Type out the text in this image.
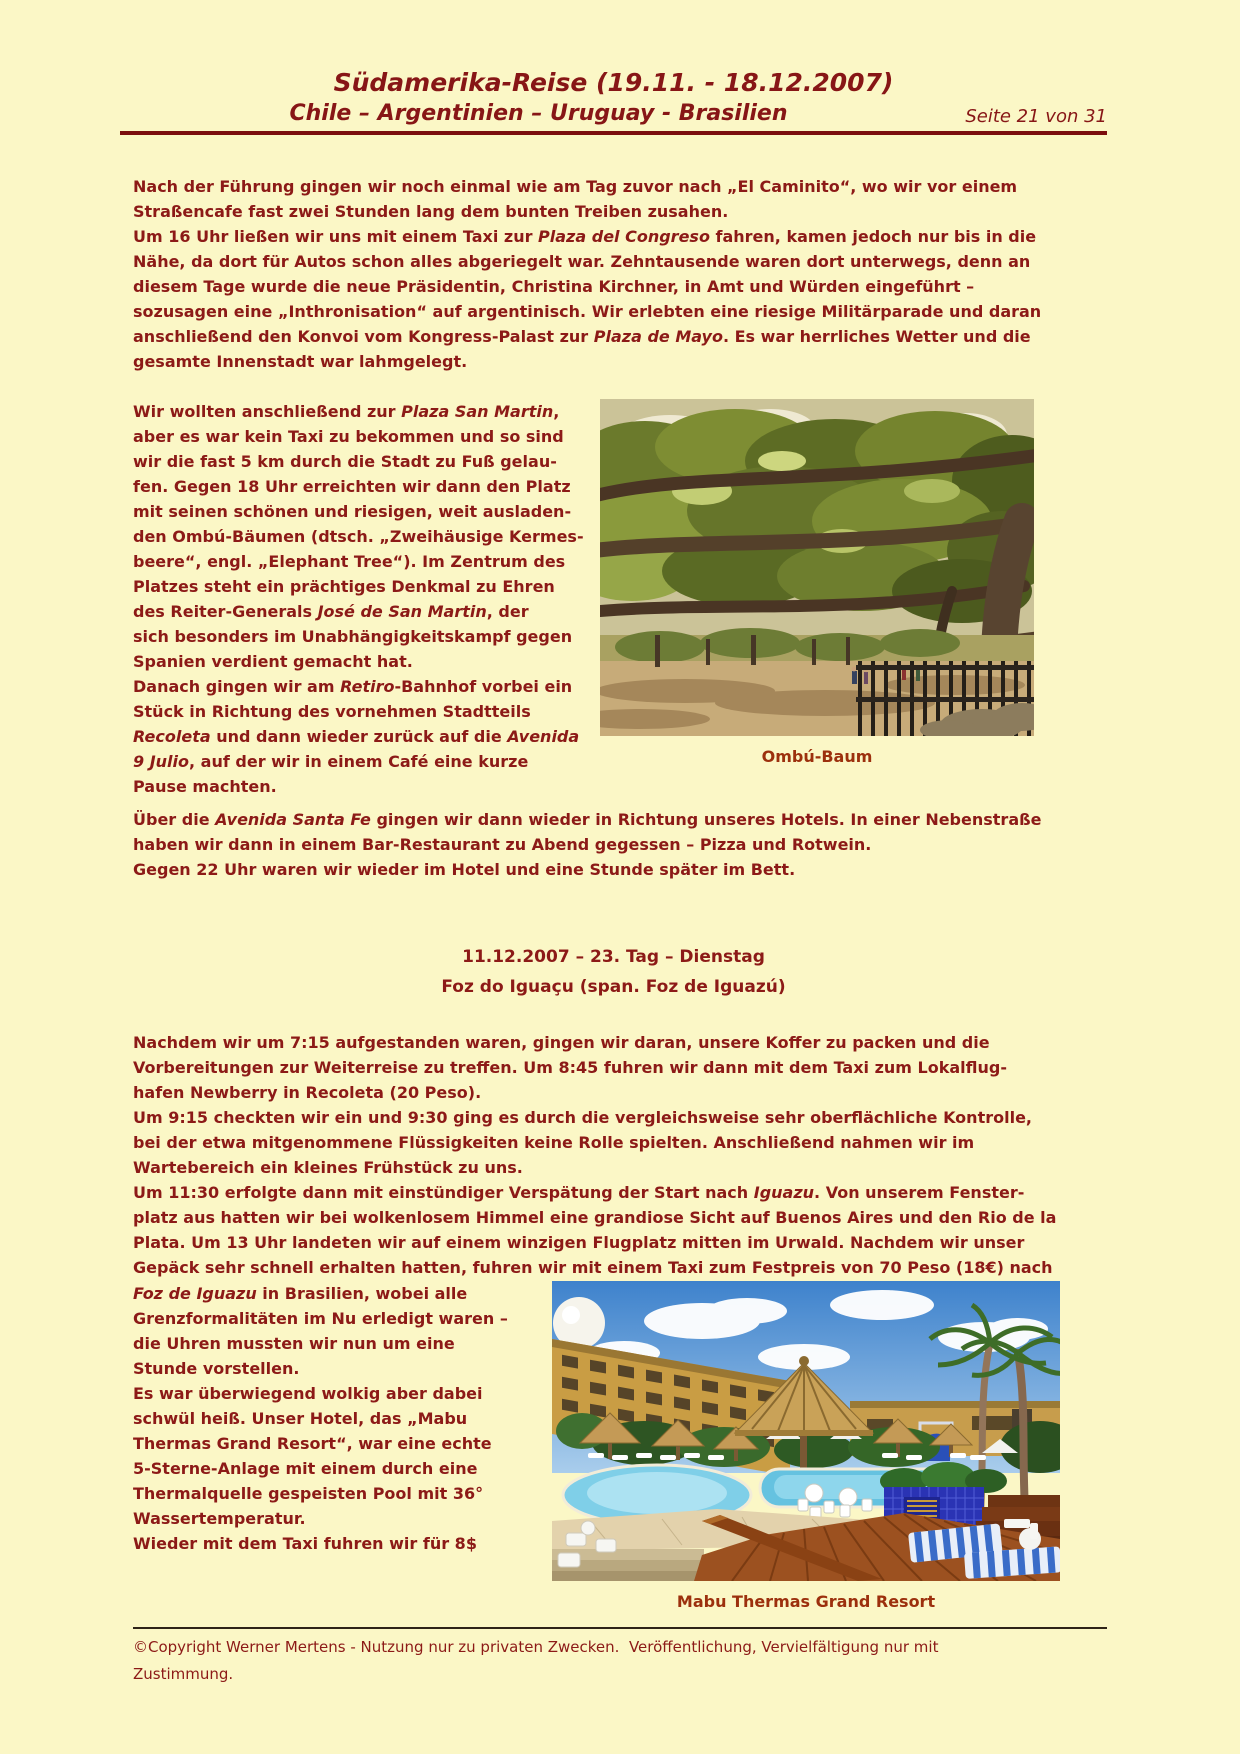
Südamerika-Reise (19.11. - 18.12.2007)
Chile – Argentinien – Uruguay - Brasilien	Seite 21 von 31
Nach der Führung gingen wir noch einmal wie am Tag zuvor nach „El Caminito“, wo wir vor einem
Straßencafe fast zwei Stunden lang dem bunten Treiben zusahen.
Um 16 Uhr ließen wir uns mit einem Taxi zur Plaza del Congreso fahren, kamen jedoch nur bis in die
Nähe, da dort für Autos schon alles abgeriegelt war. Zehntausende waren dort unterwegs, denn an
diesem Tage wurde die neue Präsidentin, Christina Kirchner, in Amt und Würden eingeführt –
sozusagen eine „Inthronisation“ auf argentinisch. Wir erlebten eine riesige Militärparade und daran
anschließend den Konvoi vom Kongress-Palast zur Plaza de Mayo. Es war herrliches Wetter und die
gesamte Innenstadt war lahmgelegt.
Wir wollten anschließend zur Plaza San Martin,
aber es war kein Taxi zu bekommen und so sind
wir die fast 5 km durch die Stadt zu Fuß gelau-
fen. Gegen 18 Uhr erreichten wir dann den Platz
mit seinen schönen und riesigen, weit ausladen-
den Ombú-Bäumen (dtsch. „Zweihäusige Kermes-
beere“, engl. „Elephant Tree“). Im Zentrum des
Platzes steht ein prächtiges Denkmal zu Ehren
des Reiter-Generals José de San Martin, der
sich besonders im Unabhängigkeitskampf gegen
Spanien verdient gemacht hat.
Danach gingen wir am Retiro-Bahnhof vorbei ein
Stück in Richtung des vornehmen Stadtteils
Recoleta und dann wieder zurück auf die Avenida
9 Julio, auf der wir in einem Café eine kurze
Pause machten.
Ombú-Baum
Über die Avenida Santa Fe gingen wir dann wieder in Richtung unseres Hotels. In einer Nebenstraße
haben wir dann in einem Bar-Restaurant zu Abend gegessen – Pizza und Rotwein.
Gegen 22 Uhr waren wir wieder im Hotel und eine Stunde später im Bett.
11.12.2007 – 23. Tag – Dienstag
Foz do Iguaçu (span. Foz de Iguazú)
Nachdem wir um 7:15 aufgestanden waren, gingen wir daran, unsere Koffer zu packen und die
Vorbereitungen zur Weiterreise zu treffen. Um 8:45 fuhren wir dann mit dem Taxi zum Lokalflug-
hafen Newberry in Recoleta (20 Peso).
Um 9:15 checkten wir ein und 9:30 ging es durch die vergleichsweise sehr oberflächliche Kontrolle,
bei der etwa mitgenommene Flüssigkeiten keine Rolle spielten. Anschließend nahmen wir im
Wartebereich ein kleines Frühstück zu uns.
Um 11:30 erfolgte dann mit einstündiger Verspätung der Start nach Iguazu. Von unserem Fenster-
platz aus hatten wir bei wolkenlosem Himmel eine grandiose Sicht auf Buenos Aires und den Rio de la
Plata. Um 13 Uhr landeten wir auf einem winzigen Flugplatz mitten im Urwald. Nachdem wir unser
Gepäck sehr schnell erhalten hatten, fuhren wir mit einem Taxi zum Festpreis von 70 Peso (18€) nach
Foz de Iguazu in Brasilien, wobei alle
Grenzformalitäten im Nu erledigt waren –
die Uhren mussten wir nun um eine
Stunde vorstellen.
Es war überwiegend wolkig aber dabei
schwül heiß. Unser Hotel, das „Mabu
Thermas Grand Resort“, war eine echte
5-Sterne-Anlage mit einem durch eine
Thermalquelle gespeisten Pool mit 36°
Wassertemperatur.
Wieder mit dem Taxi fuhren wir für 8$
Mabu Thermas Grand Resort
©Copyright Werner Mertens - Nutzung nur zu privaten Zwecken.  Veröffentlichung, Vervielfältigung nur mit
Zustimmung.
